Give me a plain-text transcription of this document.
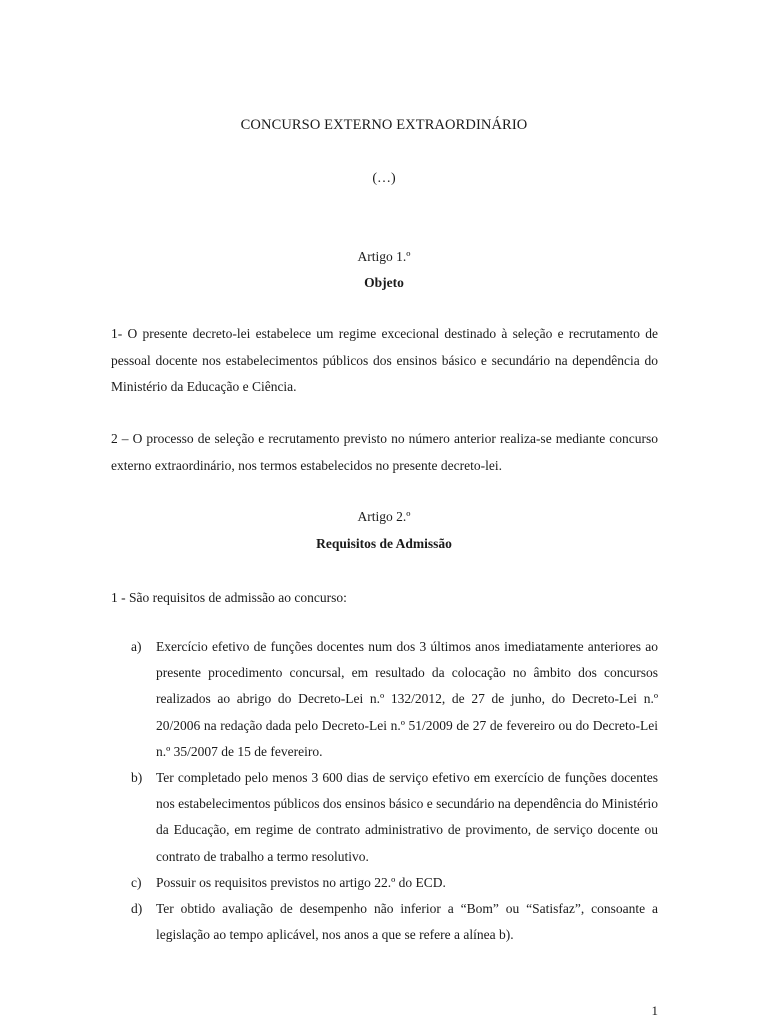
CONCURSO EXTERNO EXTRAORDINÁRIO
(…)
Artigo 1.º
Objeto

1- O presente decreto-lei estabelece um regime excecional destinado à seleção e recrutamento de pessoal docente nos estabelecimentos públicos dos ensinos básico e secundário na dependência do Ministério da Educação e Ciência.

2 – O processo de seleção e recrutamento previsto no número anterior realiza-se mediante concurso externo extraordinário, nos termos estabelecidos no presente decreto-lei.

Artigo 2.º
Requisitos de Admissão

1 - São requisitos de admissão ao concurso:

a) Exercício efetivo de funções docentes num dos 3 últimos anos imediatamente anteriores ao presente procedimento concursal, em resultado da colocação no âmbito dos concursos realizados ao abrigo do Decreto-Lei n.º 132/2012, de 27 de junho, do Decreto-Lei n.º 20/2006 na redação dada pelo Decreto-Lei n.º 51/2009 de 27 de fevereiro ou do Decreto-Lei n.º 35/2007 de 15 de fevereiro.
b) Ter completado pelo menos 3 600 dias de serviço efetivo em exercício de funções docentes nos estabelecimentos públicos dos ensinos básico e secundário na dependência do Ministério da Educação, em regime de contrato administrativo de provimento, de serviço docente ou contrato de trabalho a termo resolutivo.
c) Possuir os requisitos previstos no artigo 22.º do ECD.
d) Ter obtido avaliação de desempenho não inferior a “Bom” ou “Satisfaz”, consoante a legislação ao tempo aplicável, nos anos a que se refere a alínea b).
1
